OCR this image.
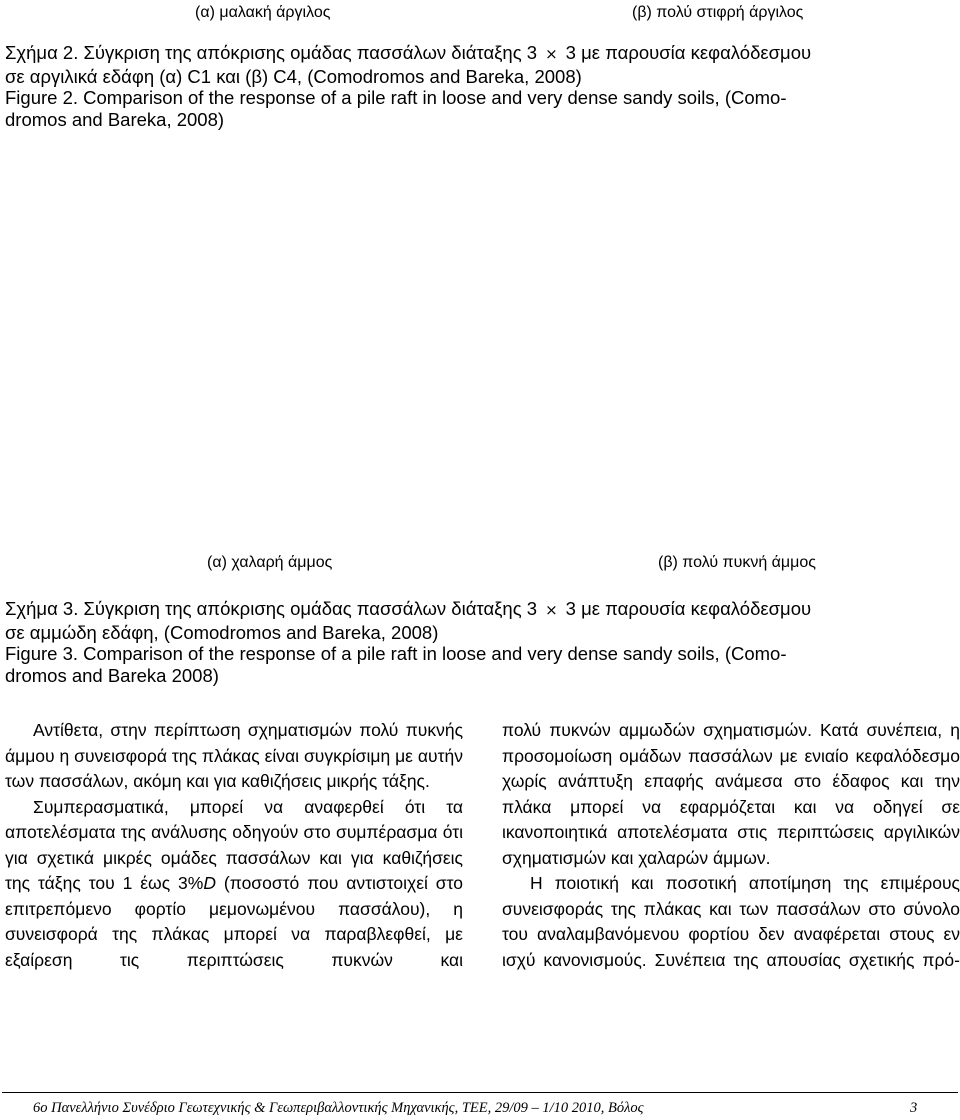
(α) μαλακή άργιλος	(β) πολύ στιφρή άργιλος
Σχήμα 2. Σύγκριση της απόκρισης ομάδας πασσάλων διάταξης 3 × 3 με παρουσία κεφαλόδεσμου
σε αργιλικά εδάφη (α) C1 και (β) C4, (Comodromos and Bareka, 2008)
Figure 2. Comparison of the response of a pile raft in loose and very dense sandy soils, (Como-
dromos and Bareka, 2008)
(α) χαλαρή άμμος	(β) πολύ πυκνή άμμος
Σχήμα 3. Σύγκριση της απόκρισης ομάδας πασσάλων διάταξης 3 × 3 με παρουσία κεφαλόδεσμου
σε αμμώδη εδάφη, (Comodromos and Bareka, 2008)
Figure 3. Comparison of the response of a pile raft in loose and very dense sandy soils, (Como-
dromos and Bareka 2008)

Αντίθετα, στην περίπτωση σχηματισμών πολύ πυκνής άμμου η συνεισφορά της πλάκας είναι συγκρίσιμη με αυτήν των πασσάλων, ακόμη και για καθιζήσεις μικρής τάξης.

Συμπερασματικά, μπορεί να αναφερθεί ότι τα αποτελέσματα της ανάλυσης οδηγούν στο συμπέρασμα ότι για σχετικά μικρές ομάδες πασσάλων και για καθιζήσεις της τάξης του 1 έως 3%D (ποσοστό που αντιστοιχεί στο επιτρεπόμενο φορτίο μεμονωμένου πασσάλου), η συνεισφορά της πλάκας μπορεί να παραβλεφθεί, με εξαίρεση τις περιπτώσεις πυκνών και

πολύ πυκνών αμμωδών σχηματισμών. Κατά συνέπεια, η προσομοίωση ομάδων πασσάλων με ενιαίο κεφαλόδεσμο χωρίς ανάπτυξη επαφής ανάμεσα στο έδαφος και την πλάκα μπορεί να εφαρμόζεται και να οδηγεί σε ικανοποιητικά αποτελέσματα στις περιπτώσεις αργιλικών σχηματισμών και χαλαρών άμμων.

Η ποιοτική και ποσοτική αποτίμηση της επιμέρους συνεισφοράς της πλάκας και των πασσάλων στο σύνολο του αναλαμβανόμενου φορτίου δεν αναφέρεται στους εν ισχύ κανονισμούς. Συνέπεια της απουσίας σχετικής πρό-

6ο Πανελλήνιο Συνέδριο Γεωτεχνικής & Γεωπεριβαλλοντικής Μηχανικής, ΤΕΕ, 29/09 – 1/10 2010, Βόλος	3
